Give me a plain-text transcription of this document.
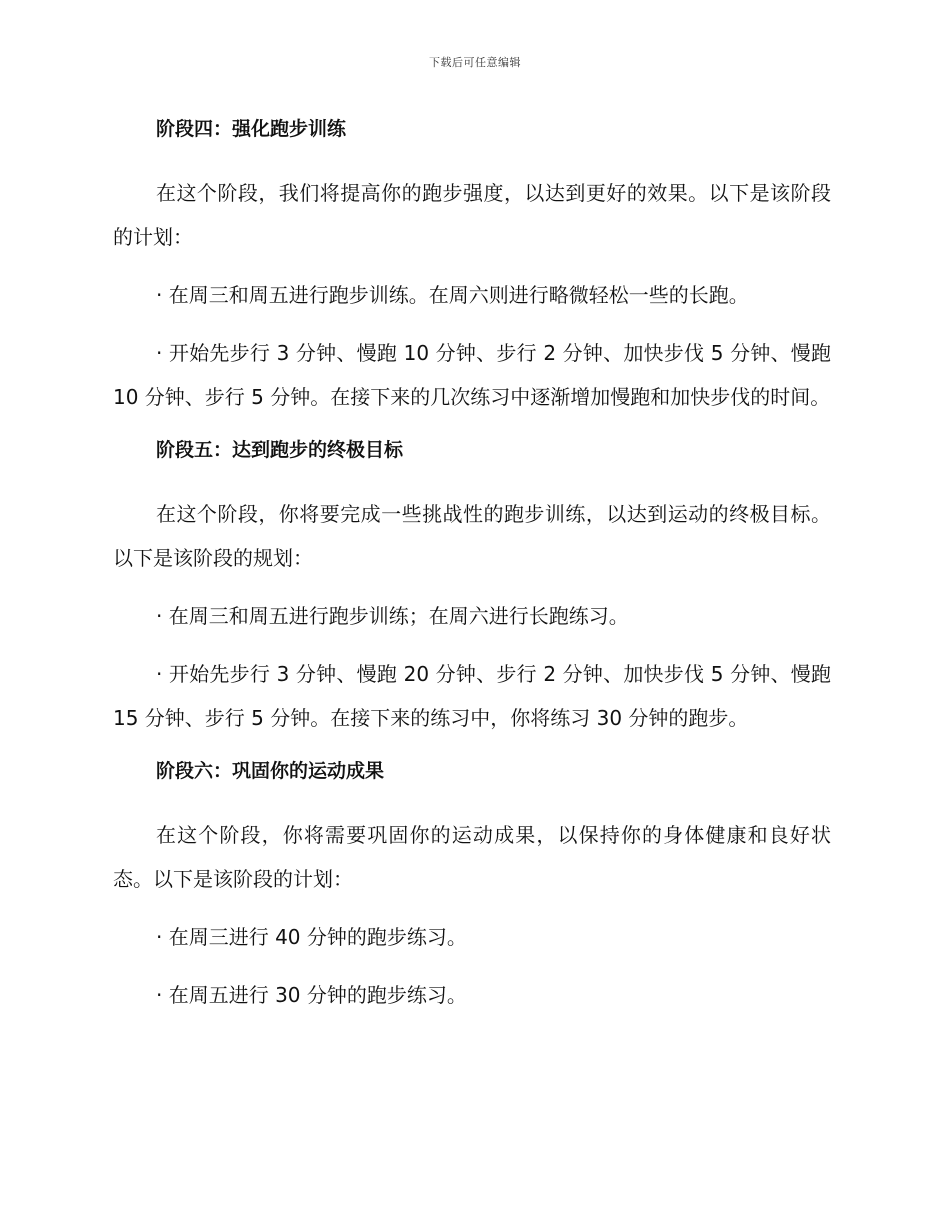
下载后可任意编辑
阶段四：强化跑步训练

在这个阶段，我们将提高你的跑步强度，以达到更好的效果。以下是该阶段的计划：

· 在周三和周五进行跑步训练。在周六则进行略微轻松一些的长跑。

· 开始先步行 3 分钟、慢跑 10 分钟、步行 2 分钟、加快步伐 5 分钟、慢跑 10 分钟、步行 5 分钟。在接下来的几次练习中逐渐增加慢跑和加快步伐的时间。

阶段五：达到跑步的终极目标

在这个阶段，你将要完成一些挑战性的跑步训练，以达到运动的终极目标。以下是该阶段的规划：

· 在周三和周五进行跑步训练；在周六进行长跑练习。

· 开始先步行 3 分钟、慢跑 20 分钟、步行 2 分钟、加快步伐 5 分钟、慢跑 15 分钟、步行 5 分钟。在接下来的练习中，你将练习 30 分钟的跑步。

阶段六：巩固你的运动成果

在这个阶段，你将需要巩固你的运动成果，以保持你的身体健康和良好状态。以下是该阶段的计划：

· 在周三进行 40 分钟的跑步练习。

· 在周五进行 30 分钟的跑步练习。
